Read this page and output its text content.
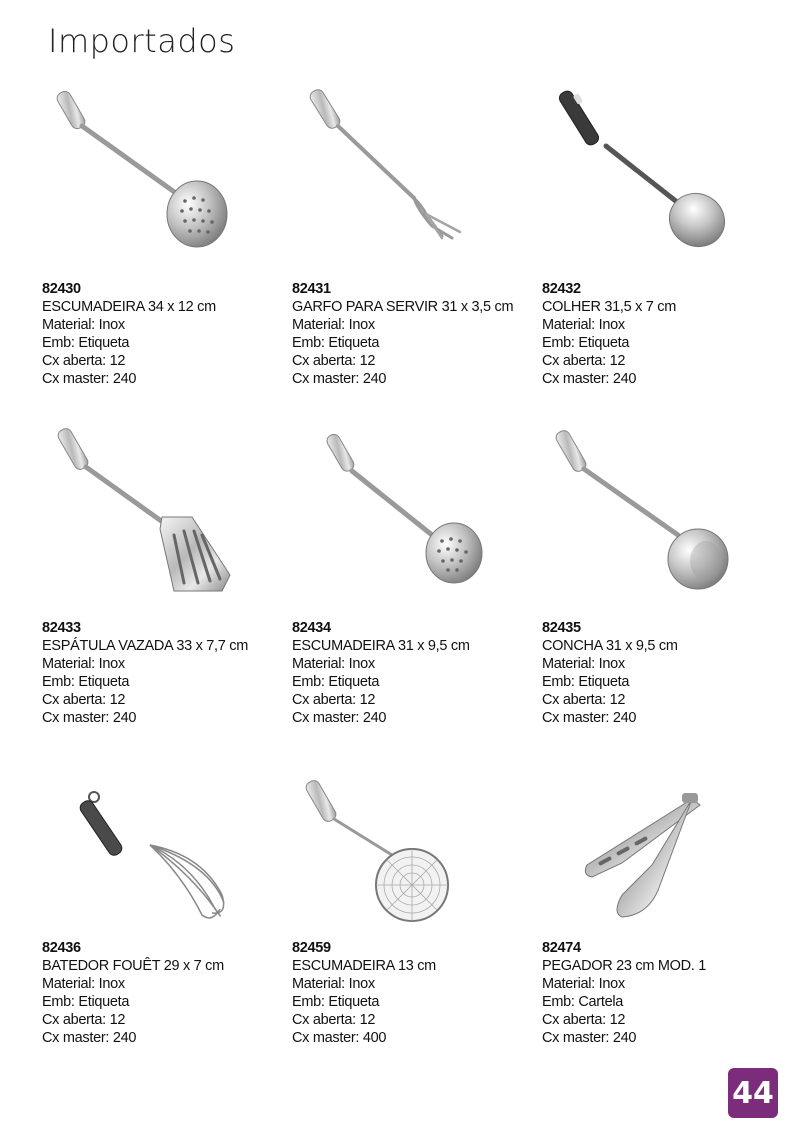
Importados
82430
ESCUMADEIRA 34 x 12 cm
Material: Inox
Emb: Etiqueta
Cx aberta: 12
Cx master: 240
82431
GARFO PARA SERVIR 31 x 3,5 cm
Material: Inox
Emb: Etiqueta
Cx aberta: 12
Cx master: 240
82432
COLHER 31,5 x 7 cm
Material: Inox
Emb: Etiqueta
Cx aberta: 12
Cx master: 240
82433
ESPÁTULA VAZADA 33 x 7,7 cm
Material: Inox
Emb: Etiqueta
Cx aberta: 12
Cx master: 240
82434
ESCUMADEIRA 31 x 9,5 cm
Material: Inox
Emb: Etiqueta
Cx aberta: 12
Cx master: 240
82435
CONCHA 31 x 9,5 cm
Material: Inox
Emb: Etiqueta
Cx aberta: 12
Cx master: 240
82436
BATEDOR FOUÊT 29 x 7 cm
Material: Inox
Emb: Etiqueta
Cx aberta: 12
Cx master: 240
82459
ESCUMADEIRA 13 cm
Material: Inox
Emb: Etiqueta
Cx aberta: 12
Cx master: 400
82474
PEGADOR 23 cm MOD. 1
Material: Inox
Emb: Cartela
Cx aberta: 12
Cx master: 240
44
